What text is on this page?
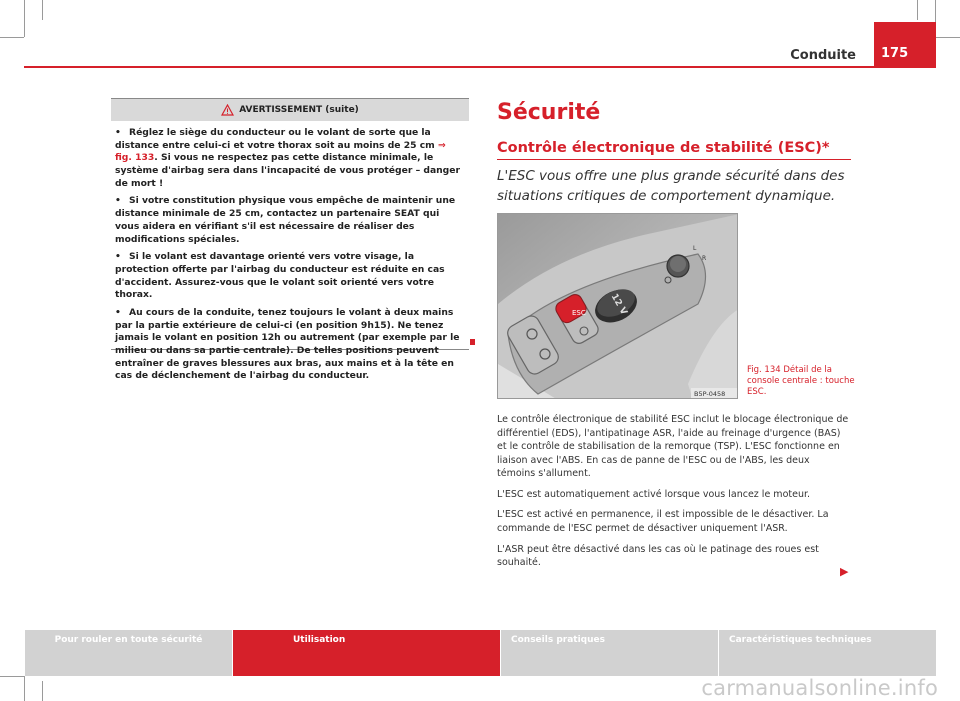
Conduite	175
AVERTISSEMENT (suite)

• Réglez le siège du conducteur ou le volant de sorte que la distance entre celui-ci et votre thorax soit au moins de 25 cm ⇒ fig. 133. Si vous ne respectez pas cette distance minimale, le système d'airbag sera dans l'incapacité de vous protéger – danger de mort !

• Si votre constitution physique vous empêche de maintenir une distance minimale de 25 cm, contactez un partenaire SEAT qui vous aidera en vérifiant s'il est nécessaire de réaliser des modifications spéciales.

• Si le volant est davantage orienté vers votre visage, la protection offerte par l'airbag du conducteur est réduite en cas d'accident. Assurez-vous que le volant soit orienté vers votre thorax.

• Au cours de la conduite, tenez toujours le volant à deux mains par la partie extérieure de celui-ci (en position 9h15). Ne tenez jamais le volant en position 12h ou autrement (par exemple par le milieu ou dans sa partie centrale). De telles positions peuvent entraîner de graves blessures aux bras, aux mains et à la tête en cas de déclenchement de l'airbag du conducteur.

Sécurité
Contrôle électronique de stabilité (ESC)*
L'ESC vous offre une plus grande sécurité dans des situations critiques de comportement dynamique.
ESC	12 V
L
R
B5P-0458
Fig. 134 Détail de la console centrale : touche ESC.

Le contrôle électronique de stabilité ESC inclut le blocage électronique de différentiel (EDS), l'antipatinage ASR, l'aide au freinage d'urgence (BAS) et le contrôle de stabilisation de la remorque (TSP). L'ESC fonctionne en liaison avec l'ABS. En cas de panne de l'ESC ou de l'ABS, les deux témoins s'allument.

L'ESC est automatiquement activé lorsque vous lancez le moteur.

L'ESC est activé en permanence, il est impossible de le désactiver. La commande de l'ESC permet de désactiver uniquement l'ASR.

L'ASR peut être désactivé dans les cas où le patinage des roues est souhaité.

▶
Pour rouler en toute sécurité	Utilisation	Conseils pratiques	Caractéristiques techniques
carmanualsonline.info
